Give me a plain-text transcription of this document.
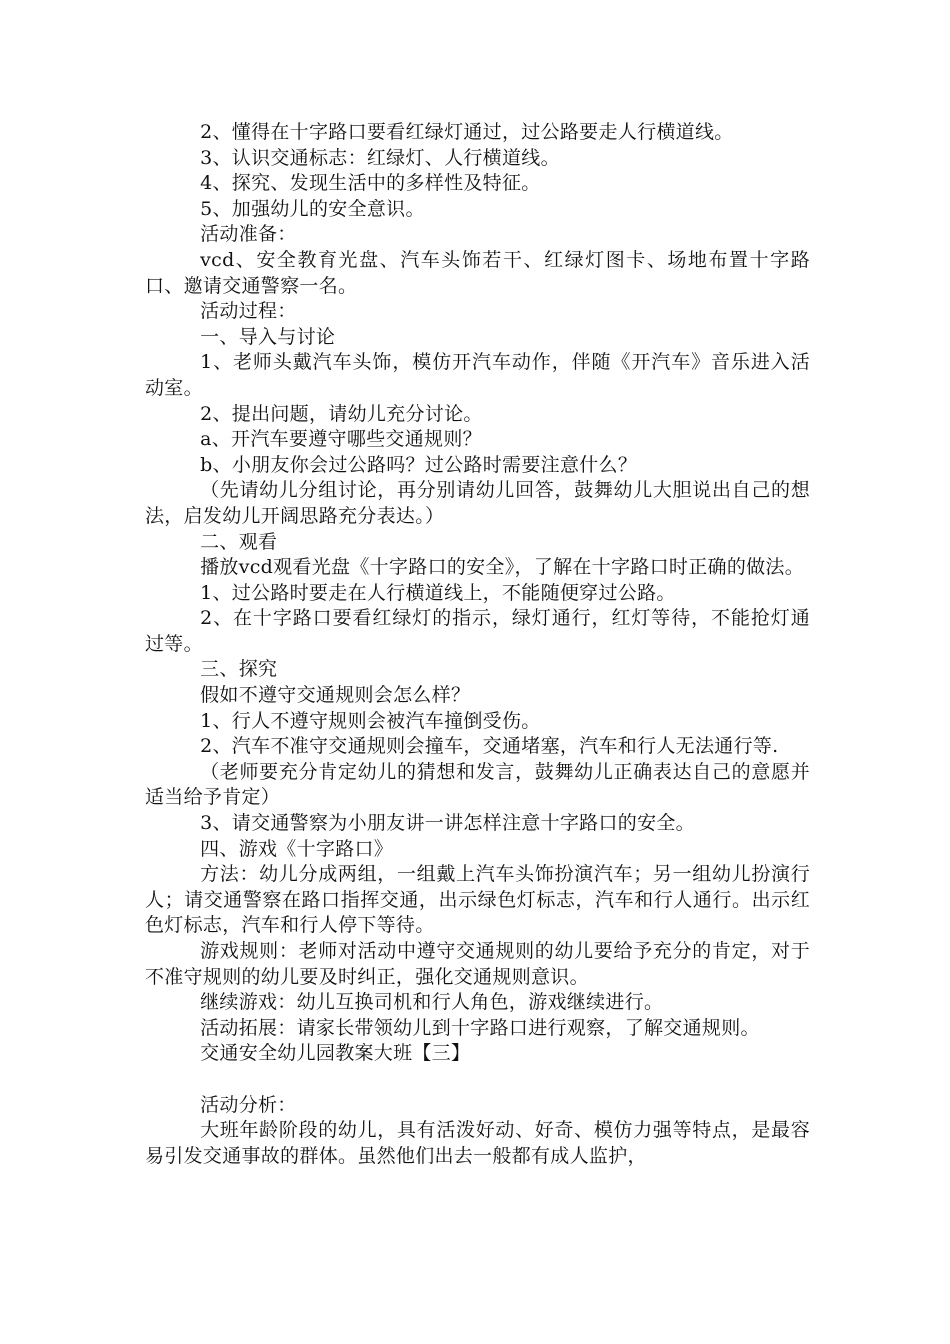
2、懂得在十字路口要看红绿灯通过，过公路要走人行横道线。

3、认识交通标志：红绿灯、人行横道线。

4、探究、发现生活中的多样性及特征。

5、加强幼儿的安全意识。

活动准备：

vcd、安全教育光盘、汽车头饰若干、红绿灯图卡、场地布置十字路口、邀请交通警察一名。

活动过程：

一、导入与讨论

1、老师头戴汽车头饰，模仿开汽车动作，伴随《开汽车》音乐进入活动室。

2、提出问题，请幼儿充分讨论。

a、开汽车要遵守哪些交通规则？

b、小朋友你会过公路吗？过公路时需要注意什么？

（先请幼儿分组讨论，再分别请幼儿回答，鼓舞幼儿大胆说出自己的想法，启发幼儿开阔思路充分表达。）

二、观看

播放vcd观看光盘《十字路口的安全》，了解在十字路口时正确的做法。

1、过公路时要走在人行横道线上，不能随便穿过公路。

2、在十字路口要看红绿灯的指示，绿灯通行，红灯等待，不能抢灯通过等。

三、探究

假如不遵守交通规则会怎么样？

1、行人不遵守规则会被汽车撞倒受伤。

2、汽车不准守交通规则会撞车，交通堵塞，汽车和行人无法通行等.

（老师要充分肯定幼儿的猜想和发言，鼓舞幼儿正确表达自己的意愿并适当给予肯定）

3、请交通警察为小朋友讲一讲怎样注意十字路口的安全。

四、游戏《十字路口》

方法：幼儿分成两组，一组戴上汽车头饰扮演汽车；另一组幼儿扮演行人；请交通警察在路口指挥交通，出示绿色灯标志，汽车和行人通行。出示红色灯标志，汽车和行人停下等待。

游戏规则：老师对活动中遵守交通规则的幼儿要给予充分的肯定，对于不准守规则的幼儿要及时纠正，强化交通规则意识。

继续游戏：幼儿互换司机和行人角色，游戏继续进行。

活动拓展：请家长带领幼儿到十字路口进行观察，了解交通规则。

交通安全幼儿园教案大班【三】

活动分析：

大班年龄阶段的幼儿，具有活泼好动、好奇、模仿力强等特点，是最容易引发交通事故的群体。虽然他们出去一般都有成人监护，
